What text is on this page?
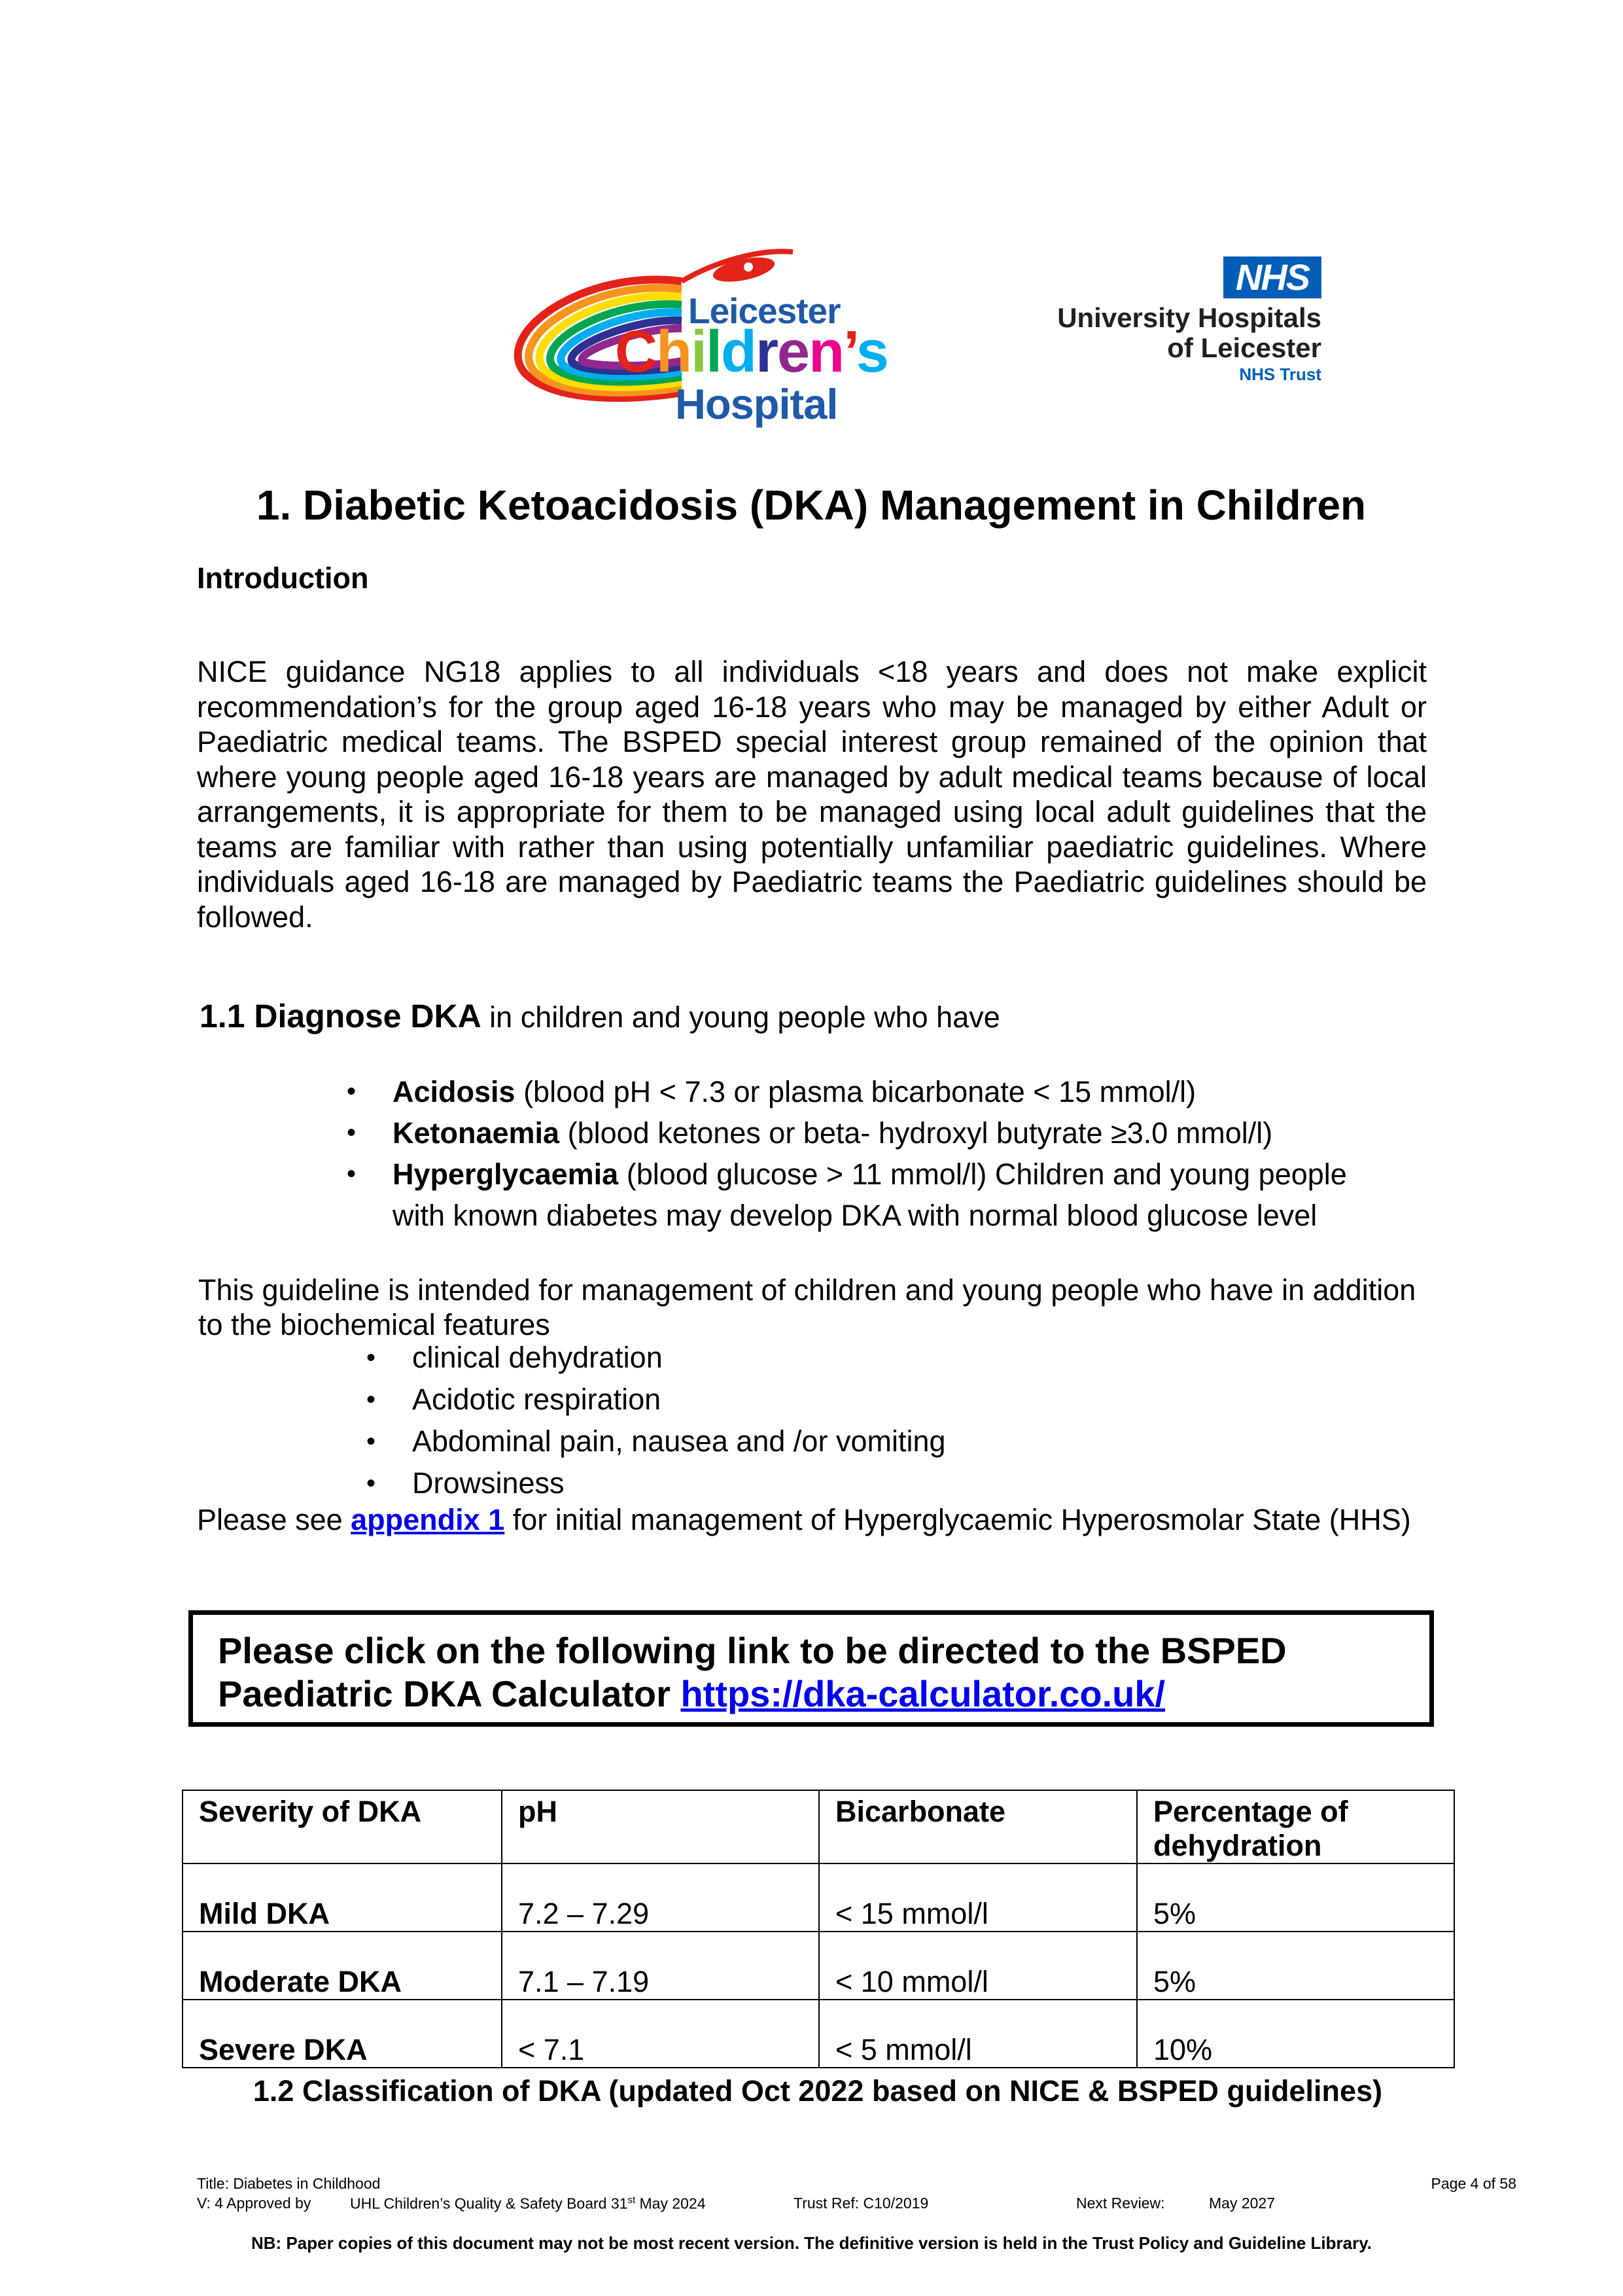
Leicester
Children’s
Hospital
NHS
University Hospitals
of Leicester
NHS Trust
1. Diabetic Ketoacidosis (DKA) Management in Children
Introduction
NICE guidance NG18 applies to all individuals <18 years and does not make explicit recommendation’s for the group aged 16-18 years who may be managed by either Adult or Paediatric medical teams. The BSPED special interest group remained of the opinion that where young people aged 16-18 years are managed by adult medical teams because of local arrangements, it is appropriate for them to be managed using local adult guidelines that the teams are familiar with rather than using potentially unfamiliar paediatric guidelines. Where individuals aged 16-18 are managed by Paediatric teams the Paediatric guidelines should be followed.
1.1 Diagnose DKA in children and young people who have
• Acidosis (blood pH < 7.3 or plasma bicarbonate < 15 mmol/l)
• Ketonaemia (blood ketones or beta- hydroxyl butyrate ≥3.0 mmol/l)
• Hyperglycaemia (blood glucose > 11 mmol/l) Children and young people with known diabetes may develop DKA with normal blood glucose level
This guideline is intended for management of children and young people who have in addition to the biochemical features
• clinical dehydration
• Acidotic respiration
• Abdominal pain, nausea and /or vomiting
• Drowsiness
Please see appendix 1 for initial management of Hyperglycaemic Hyperosmolar State (HHS)
Please click on the following link to be directed to the BSPED Paediatric DKA Calculator https://dka-calculator.co.uk/
Severity of DKA	pH	Bicarbonate	Percentage of dehydration
Mild DKA	7.2 – 7.29	< 15 mmol/l	5%
Moderate DKA	7.1 – 7.19	< 10 mmol/l	5%
Severe DKA	< 7.1	< 5 mmol/l	10%
1.2 Classification of DKA (updated Oct 2022 based on NICE & BSPED guidelines)
Title: Diabetes in Childhood	Page 4 of 58
V: 4 Approved by	UHL Children’s Quality & Safety Board 31st May 2024	Trust Ref: C10/2019	Next Review:	May 2027
NB: Paper copies of this document may not be most recent version. The definitive version is held in the Trust Policy and Guideline Library.
